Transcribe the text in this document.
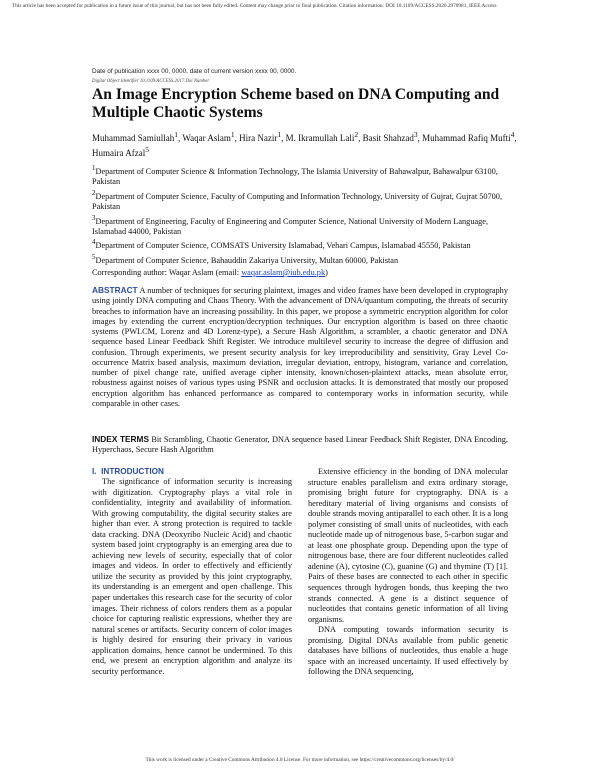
This article has been accepted for publication in a future issue of this journal, but has not been fully edited. Content may change prior to final publication. Citation information: DOI 10.1109/ACCESS.2020.2970981, IEEE Access
Date of publication xxxx 00, 0000, date of current version xxxx 00, 0000.
Digital Object Identifier 10.1109/ACCESS.2017.Doi Number
An Image Encryption Scheme based on DNA Computing and Multiple Chaotic Systems
Muhammad Samiullah$^1$, Waqar Aslam$^1$, Hira Nazir$^1$, M. Ikramullah Lali$^2$, Basit Shahzad$^3$, Muhammad Rafiq Mufti$^4$, Humaira Afzal$^5$

$^1$Department of Computer Science & Information Technology, The Islamia University of Bahawalpur, Bahawalpur 63100, Pakistan

$^2$Department of Computer Science, Faculty of Computing and Information Technology, University of Gujrat, Gujrat 50700, Pakistan

$^3$Department of Engineering, Faculty of Engineering and Computer Science, National University of Modern Language, Islamabad 44000, Pakistan

$^4$Department of Computer Science, COMSATS University Islamabad, Vehari Campus, Islamabad 45550, Pakistan

$^5$Department of Computer Science, Bahauddin Zakariya University, Multan 60000, Pakistan

Corresponding author: Waqar Aslam (email: waqar.aslam@iub.edu.pk)

ABSTRACT A number of techniques for securing plaintext, images and video frames have been developed in cryptography using jointly DNA computing and Chaos Theory. With the advancement of DNA/quantum computing, the threats of security breaches to information have an increasing possibility. In this paper, we propose a symmetric encryption algorithm for color images by extending the current encryption/decryption techniques. Our encryption algorithm is based on three chaotic systems (PWLCM, Lorenz and 4D Lorenz-type), a Secure Hash Algorithm, a scrambler, a chaotic generator and DNA sequence based Linear Feedback Shift Register. We introduce multilevel security to increase the degree of diffusion and confusion. Through experiments, we present security analysis for key irreproducibility and sensitivity, Gray Level Co-occurrence Matrix based analysis, maximum deviation, irregular deviation, entropy, histogram, variance and correlation, number of pixel change rate, unified average cipher intensity, known/chosen-plaintext attacks, mean absolute error, robustness against noises of various types using PSNR and occlusion attacks. It is demonstrated that mostly our proposed encryption algorithm has enhanced performance as compared to contemporary works in information security, while comparable in other cases.

INDEX TERMS Bit Scrambling, Chaotic Generator, DNA sequence based Linear Feedback Shift Register, DNA Encoding, Hyperchaos, Secure Hash Algorithm

I. INTRODUCTION

The significance of information security is increasing with digitization. Cryptography plays a vital role in confidentiality, integrity and availability of information. With growing computability, the digital security stakes are higher than ever. A strong protection is required to tackle data cracking. DNA (Deoxyribo Nucleic Acid) and chaotic system based joint cryptography is an emerging area due to achieving new levels of security, especially that of color images and videos. In order to effectively and efficiently utilize the security as provided by this joint cryptography, its understanding is an emergent and open challenge. This paper undertakes this research case for the security of color images. Their richness of colors renders them as a popular choice for capturing realistic expressions, whether they are natural scenes or artifacts. Security concern of color images is highly desired for ensuring their privacy in various application domains, hence cannot be undermined. To this end, we present an encryption algorithm and analyze its security performance.

Extensive efficiency in the bonding of DNA molecular structure enables parallelism and extra ordinary storage, promising bright future for cryptography. DNA is a hereditary material of living organisms and consists of double strands moving antiparallel to each other. It is a long polymer consisting of small units of nucleotides, with each nucleotide made up of nitrogenous base, 5-carbon sugar and at least one phosphate group. Depending upon the type of nitrogenous base, there are four different nucleotides called adenine (A), cytosine (C), guanine (G) and thymine (T) [1]. Pairs of these bases are connected to each other in specific sequences through hydrogen bonds, thus keeping the two strands connected. A gene is a distinct sequence of nucleotides that contains genetic information of all living organisms.

DNA computing towards information security is promising. Digital DNAs available from public genetic databases have billions of nucleotides, thus enable a huge space with an increased uncertainty. If used effectively by following the DNA sequencing,

This work is licensed under a Creative Commons Attribution 4.0 License. For more information, see https://creativecommons.org/licenses/by/4.0/
